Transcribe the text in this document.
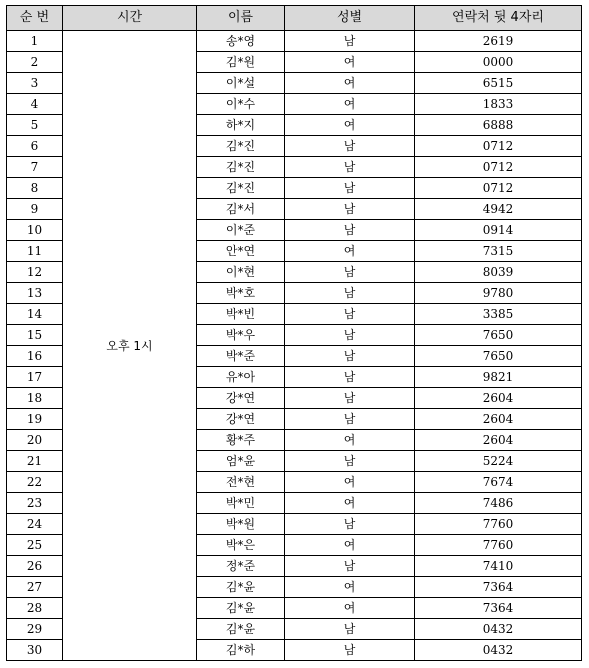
순 번	시간	이름	성별	연락처 뒷 4자리
1	오후 1시	송*영	남	2619
2		김*원	여	0000
3		이*설	여	6515
4		이*수	여	1833
5		하*지	여	6888
6		김*진	남	0712
7		김*진	남	0712
8		김*진	남	0712
9		김*서	남	4942
10		이*준	남	0914
11		안*연	여	7315
12		이*현	남	8039
13		박*호	남	9780
14		박*빈	남	3385
15		박*우	남	7650
16		박*준	남	7650
17		유*아	남	9821
18		강*연	남	2604
19		강*연	남	2604
20		황*주	여	2604
21		엄*윤	남	5224
22		전*현	여	7674
23		박*민	여	7486
24		박*원	남	7760
25		박*은	여	7760
26		정*준	남	7410
27		김*윤	여	7364
28		김*윤	여	7364
29		김*윤	남	0432
30		김*하	남	0432
